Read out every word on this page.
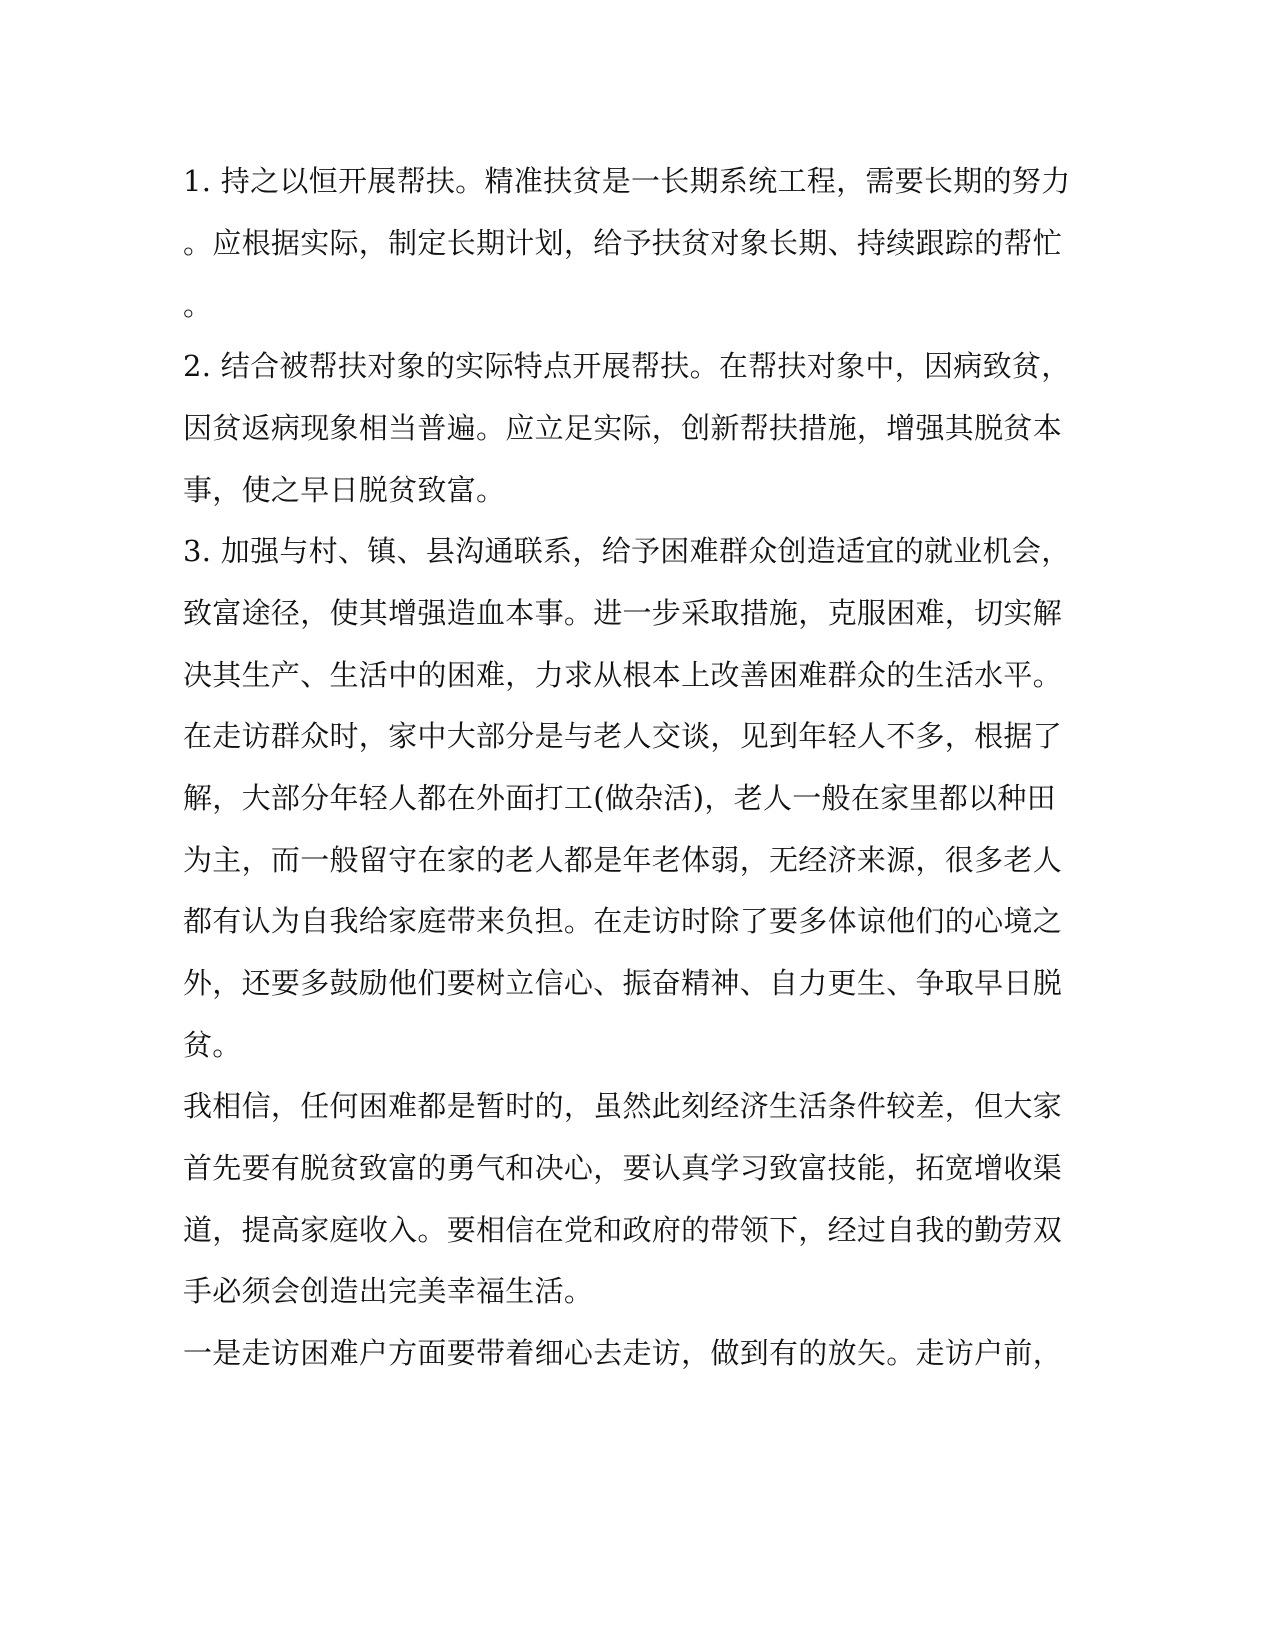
1. 持之以恒开展帮扶。精准扶贫是一长期系统工程，需要长期的努力
。应根据实际，制定长期计划，给予扶贫对象长期、持续跟踪的帮忙
。
2. 结合被帮扶对象的实际特点开展帮扶。在帮扶对象中，因病致贫，
因贫返病现象相当普遍。应立足实际，创新帮扶措施，增强其脱贫本
事，使之早日脱贫致富。
3. 加强与村、镇、县沟通联系，给予困难群众创造适宜的就业机会，
致富途径，使其增强造血本事。进一步采取措施，克服困难，切实解
决其生产、生活中的困难，力求从根本上改善困难群众的生活水平。
在走访群众时，家中大部分是与老人交谈，见到年轻人不多，根据了
解，大部分年轻人都在外面打工(做杂活)，老人一般在家里都以种田
为主，而一般留守在家的老人都是年老体弱，无经济来源，很多老人
都有认为自我给家庭带来负担。在走访时除了要多体谅他们的心境之
外，还要多鼓励他们要树立信心、振奋精神、自力更生、争取早日脱
贫。
我相信，任何困难都是暂时的，虽然此刻经济生活条件较差，但大家
首先要有脱贫致富的勇气和决心，要认真学习致富技能，拓宽增收渠
道，提高家庭收入。要相信在党和政府的带领下，经过自我的勤劳双
手必须会创造出完美幸福生活。
一是走访困难户方面要带着细心去走访，做到有的放矢。走访户前，
